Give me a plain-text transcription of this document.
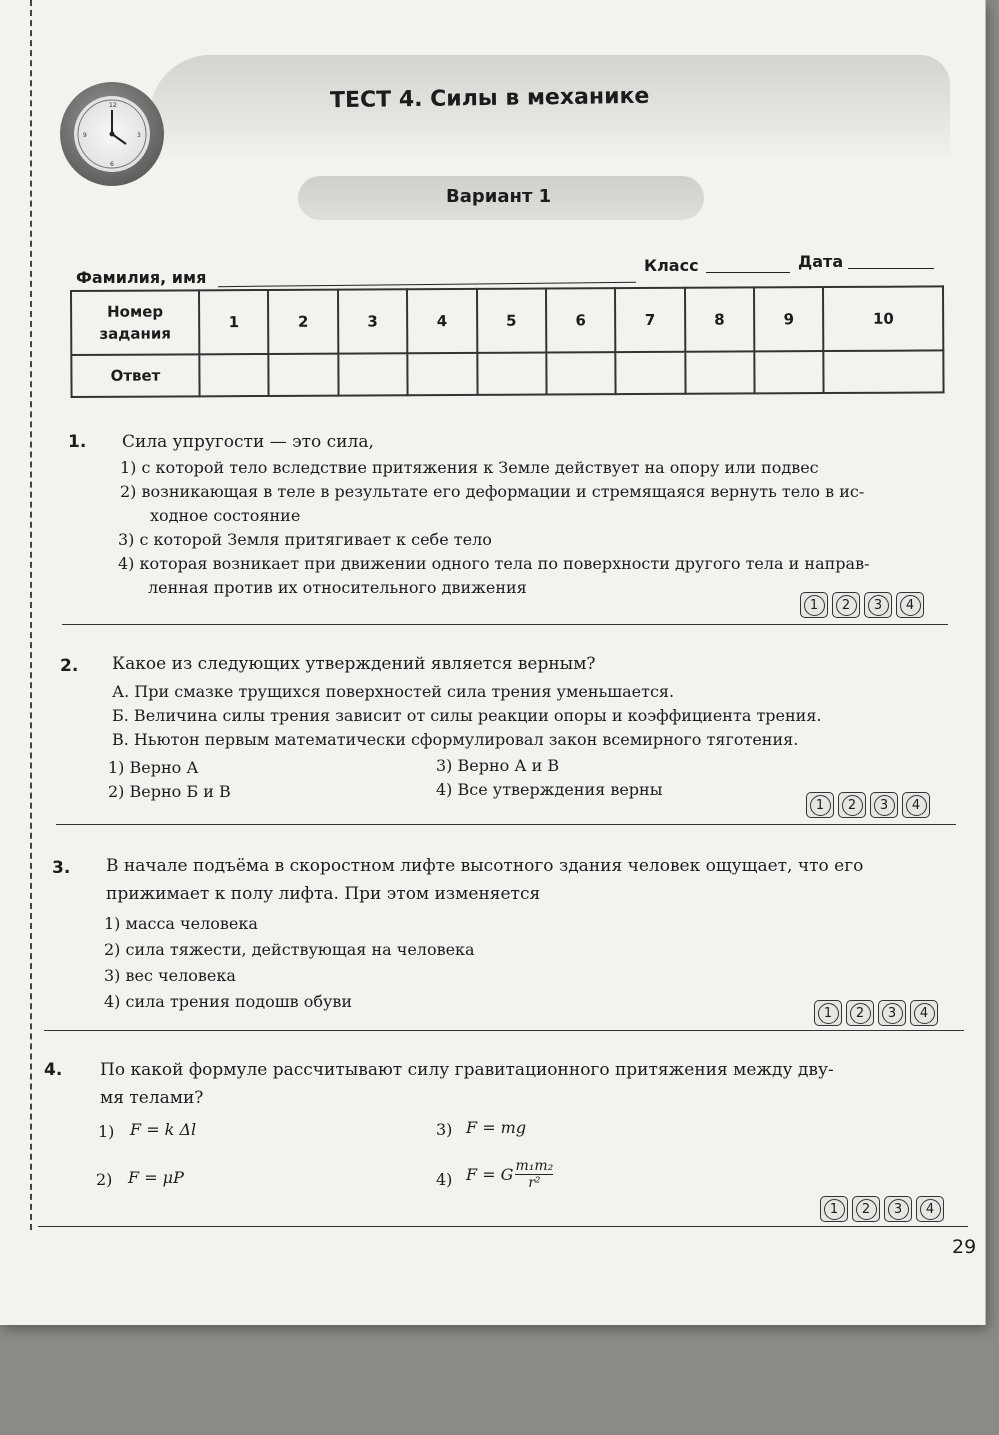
12
3
6
9
ТЕСТ 4. Силы в механике
Вариант 1
Фамилия, имя
Класс	Дата
Номер задания	1	2	3	4	5	6	7	8	9	10
Ответ										
1. Сила упругости — это сила,
1) с которой тело вследствие притяжения к Земле действует на опору или подвес
2) возникающая в теле в результате его деформации и стремящаяся вернуть тело в ис-
ходное состояние
3) с которой Земля притягивает к себе тело
4) которая возникает при движении одного тела по поверхности другого тела и направ-
ленная против их относительного движения
1	2	3	4
2. Какое из следующих утверждений является верным?
А. При смазке трущихся поверхностей сила трения уменьшается.
Б. Величина силы трения зависит от силы реакции опоры и коэффициента трения.
В. Ньютон первым математически сформулировал закон всемирного тяготения.
1) Верно А
2) Верно Б и В
3) Верно А и В
4) Все утверждения верны
1	2	3	4
3. В начале подъёма в скоростном лифте высотного здания человек ощущает, что его
прижимает к полу лифта. При этом изменяется
1) масса человека
2) сила тяжести, действующая на человека
3) вес человека
4) сила трения подошв обуви
1	2	3	4
4. По какой формуле рассчитывают силу гравитационного притяжения между дву-
мя телами?
1) F = k Δl
2) F = μP
3) F = mg
4) F = G $\frac{\text{m₁m₂}}{\text{r²}}$
1	2	3	4
29
